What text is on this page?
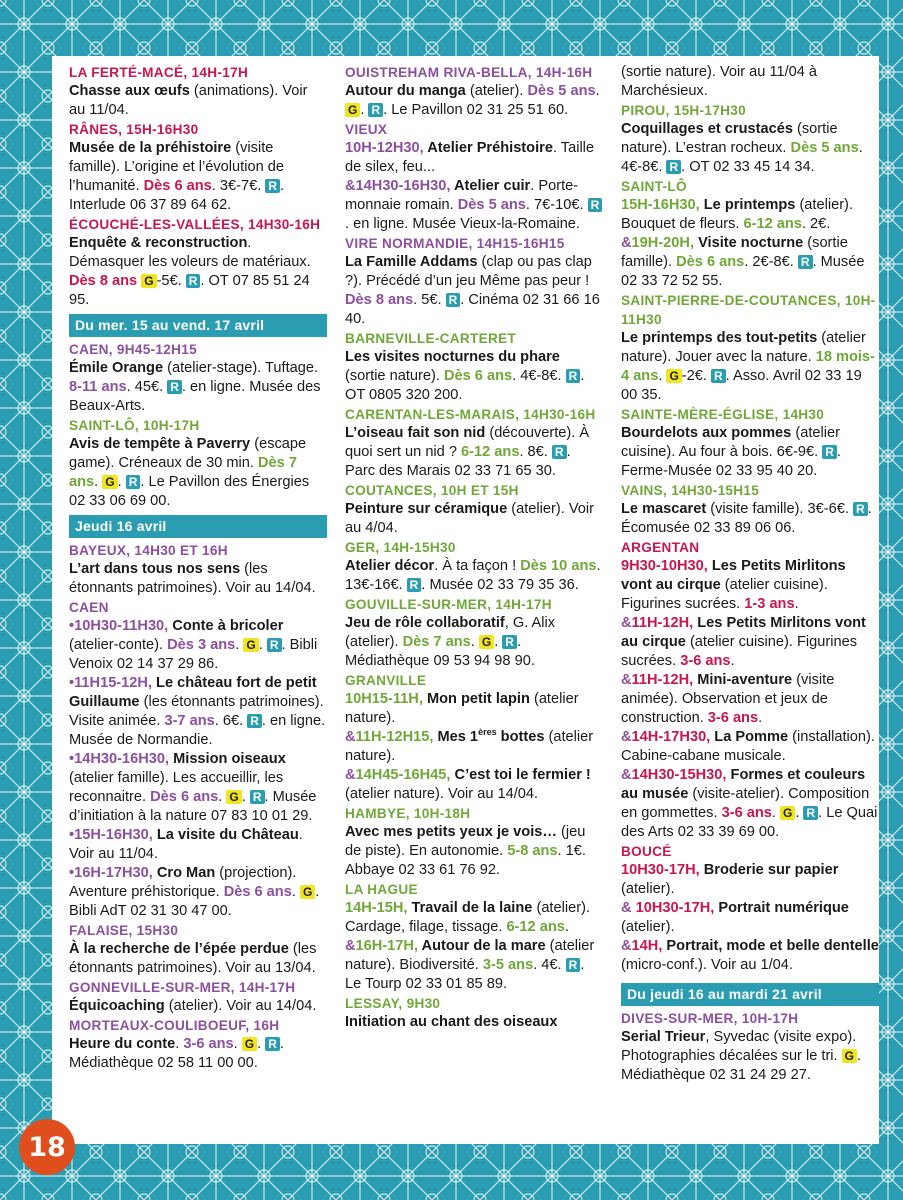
LA FERTÉ-MACÉ, 14H-17H

Chasse aux œufs (animations). Voir au 11/04.

RÂNES, 15H-16H30

Musée de la préhistoire (visite famille). L’origine et l’évolution de l’humanité. Dès 6 ans. 3€-7€. R . Interlude 06 37 89 64 62.

ÉCOUCHÉ-LES-VALLÉES, 14H30-16H

Enquête & reconstruction. Démasquer les voleurs de matériaux. Dès 8 ans G -5€. R . OT 07 85 51 24 95.

Du mer. 15 au vend. 17 avril
CAEN, 9H45-12H15

Émile Orange (atelier-stage). Tuftage. 8-11 ans. 45€. R . en ligne. Musée des Beaux-Arts.

SAINT-LÔ, 10H-17H

Avis de tempête à Paverry (escape game). Créneaux de 30 min. Dès 7 ans. G . R . Le Pavillon des Énergies 02 33 06 69 00.

Jeudi 16 avril
BAYEUX, 14H30 ET 16H

L’art dans tous nos sens (les étonnants patrimoines). Voir au 14/04.

CAEN

•10H30-11H30, Conte à bricoler (atelier-conte). Dès 3 ans. G . R . Bibli Venoix 02 14 37 29 86.

•11H15-12H, Le château fort de petit Guillaume (les étonnants patrimoines). Visite animée. 3-7 ans. 6€. R . en ligne. Musée de Normandie.

•14H30-16H30, Mission oiseaux (atelier famille). Les accueillir, les reconnaitre. Dès 6 ans. G . R . Musée d’initiation à la nature 07 83 10 01 29.

•15H-16H30, La visite du Château. Voir au 11/04.

•16H-17H30, Cro Man (projection). Aventure préhistorique. Dès 6 ans. G . Bibli AdT 02 31 30 47 00.

FALAISE, 15H30

À la recherche de l’épée perdue (les étonnants patrimoines). Voir au 13/04.

GONNEVILLE-SUR-MER, 14H-17H

Équicoaching (atelier). Voir au 14/04.

MORTEAUX-COULIBOEUF, 16H

Heure du conte. 3-6 ans. G . R . Médiathèque 02 58 11 00 00.

OUISTREHAM RIVA-BELLA, 14H-16H

Autour du manga (atelier). Dès 5 ans. G . R . Le Pavillon 02 31 25 51 60.

VIEUX

10H-12H30, Atelier Préhistoire. Taille de silex, feu...

&14H30-16H30, Atelier cuir. Porte-monnaie romain. Dès 5 ans. 7€-10€. R. en ligne. Musée Vieux-la-Romaine.

VIRE NORMANDIE, 14H15-16H15

La Famille Addams (clap ou pas clap ?). Précédé d’un jeu Même pas peur ! Dès 8 ans. 5€. R . Cinéma 02 31 66 16 40.

BARNEVILLE-CARTERET

Les visites nocturnes du phare (sortie nature). Dès 6 ans. 4€-8€. R . OT 0805 320 200.

CARENTAN-LES-MARAIS, 14H30-16H

L’oiseau fait son nid (découverte). À quoi sert un nid ? 6-12 ans. 8€. R . Parc des Marais 02 33 71 65 30.

COUTANCES, 10H ET 15H

Peinture sur céramique (atelier). Voir au 4/04.

GER, 14H-15H30

Atelier décor. À ta façon ! Dès 10 ans. 13€-16€. R . Musée 02 33 79 35 36.

GOUVILLE-SUR-MER, 14H-17H

Jeu de rôle collaboratif, G. Alix (atelier). Dès 7 ans. G . R . Médiathèque 09 53 94 98 90.

GRANVILLE

10H15-11H, Mon petit lapin (atelier nature).

&11H-12H15, Mes 1ères bottes (atelier nature).

&14H45-16H45, C’est toi le fermier ! (atelier nature). Voir au 14/04.

HAMBYE, 10H-18H

Avec mes petits yeux je vois… (jeu de piste). En autonomie. 5-8 ans. 1€. Abbaye 02 33 61 76 92.

LA HAGUE

14H-15H, Travail de la laine (atelier). Cardage, filage, tissage. 6-12 ans.

&16H-17H, Autour de la mare (atelier nature). Biodiversité. 3-5 ans. 4€. R . Le Tourp 02 33 01 85 89.

LESSAY, 9H30

Initiation au chant des oiseaux

(sortie nature). Voir au 11/04 à Marchésieux.

PIROU, 15H-17H30

Coquillages et crustacés (sortie nature). L’estran rocheux. Dès 5 ans. 4€-8€. R . OT 02 33 45 14 34.

SAINT-LÔ

15H-16H30, Le printemps (atelier). Bouquet de fleurs. 6-12 ans. 2€.

&19H-20H, Visite nocturne (sortie famille). Dès 6 ans. 2€-8€. R . Musée 02 33 72 52 55.

SAINT-PIERRE-DE-COUTANCES, 10H-11H30

Le printemps des tout-petits (atelier nature). Jouer avec la nature. 18 mois-4 ans. G -2€. R . Asso. Avril 02 33 19 00 35.

SAINTE-MÈRE-ÉGLISE, 14H30

Bourdelots aux pommes (atelier cuisine). Au four à bois. 6€-9€. R . Ferme-Musée 02 33 95 40 20.

VAINS, 14H30-15H15

Le mascaret (visite famille). 3€-6€. R . Écomusée 02 33 89 06 06.

ARGENTAN

9H30-10H30, Les Petits Mirlitons vont au cirque (atelier cuisine). Figurines sucrées. 1-3 ans.

&11H-12H, Les Petits Mirlitons vont au cirque (atelier cuisine). Figurines sucrées. 3-6 ans.

&11H-12H, Mini-aventure (visite animée). Observation et jeux de construction. 3-6 ans.

&14H-17H30, La Pomme (installation). Cabine-cabane musicale.

&14H30-15H30, Formes et couleurs au musée (visite-atelier). Composition en gommettes. 3-6 ans. G . R . Le Quai des Arts 02 33 39 69 00.

BOUCÉ

10H30-17H, Broderie sur papier (atelier).

& 10H30-17H, Portrait numérique (atelier).

&14H, Portrait, mode et belle dentelle (micro-conf.). Voir au 1/04.

Du jeudi 16 au mardi 21 avril
DIVES-SUR-MER, 10H-17H

Serial Trieur, Syvedac (visite expo). Photographies décalées sur le tri. G . Médiathèque 02 31 24 29 27.

18
